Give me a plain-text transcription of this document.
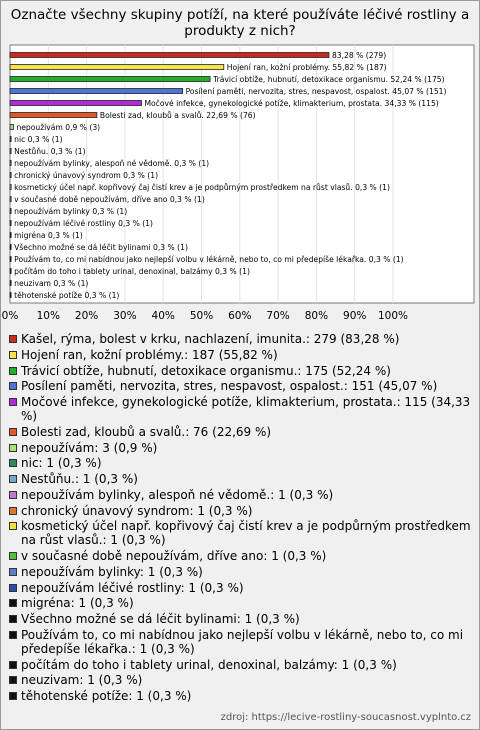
Označte všechny skupiny potíží, na které používáte léčivé rostliny a produkty z nich?
0% 10% 20% 30% 40% 50% 60% 70% 80% 90% 100%
83,28 % (279)
Hojení ran, kožní problémy. 55,82 % (187)
Trávicí obtíže, hubnutí, detoxikace organismu. 52,24 % (175)
Posílení paměti, nervozita, stres, nespavost, ospalost. 45,07 % (151)
Močové infekce, gynekologické potíže, klimakterium, prostata. 34,33 % (115)
Bolesti zad, kloubů a svalů. 22,69 % (76)
nepoužívám 0,9 % (3)
nic 0,3 % (1)
Nestůňu. 0,3 % (1)
nepoužívám bylinky, alespoň né vědomě. 0,3 % (1)
chronický únavový syndrom 0,3 % (1)
kosmetický účel např. kopřivový čaj čistí krev a je podpůrným prostředkem na růst vlasů. 0,3 % (1)
v současné době nepoužívám, dříve ano 0,3 % (1)
nepoužívám bylinky 0,3 % (1)
nepoužívám léčivé rostliny 0,3 % (1)
migréna 0,3 % (1)
Všechno možné se dá léčit bylinami 0,3 % (1)
Používám to, co mi nabídnou jako nejlepší volbu v lékárně, nebo to, co mi předepíše lékařka. 0,3 % (1)
počítám do toho i tablety urinal, denoxinal, balzámy 0,3 % (1)
neuzivam 0,3 % (1)
těhotenské potíže 0,3 % (1)
Kašel, rýma, bolest v krku, nachlazení, imunita.: 279 (83,28 %)
Hojení ran, kožní problémy.: 187 (55,82 %)
Trávicí obtíže, hubnutí, detoxikace organismu.: 175 (52,24 %)
Posílení paměti, nervozita, stres, nespavost, ospalost.: 151 (45,07 %)
Močové infekce, gynekologické potíže, klimakterium, prostata.: 115 (34,33 %)
Bolesti zad, kloubů a svalů.: 76 (22,69 %)
nepoužívám: 3 (0,9 %)
nic: 1 (0,3 %)
Nestůňu.: 1 (0,3 %)
nepoužívám bylinky, alespoň né vědomě.: 1 (0,3 %)
chronický únavový syndrom: 1 (0,3 %)
kosmetický účel např. kopřivový čaj čistí krev a je podpůrným prostředkem na růst vlasů.: 1 (0,3 %)
v současné době nepoužívám, dříve ano: 1 (0,3 %)
nepoužívám bylinky: 1 (0,3 %)
nepoužívám léčivé rostliny: 1 (0,3 %)
migréna: 1 (0,3 %)
Všechno možné se dá léčit bylinami: 1 (0,3 %)
Používám to, co mi nabídnou jako nejlepší volbu v lékárně, nebo to, co mi předepíše lékařka.: 1 (0,3 %)
počítám do toho i tablety urinal, denoxinal, balzámy: 1 (0,3 %)
neuzivam: 1 (0,3 %)
těhotenské potíže: 1 (0,3 %)
zdroj: https://lecive-rostliny-soucasnost.vyplnto.cz
